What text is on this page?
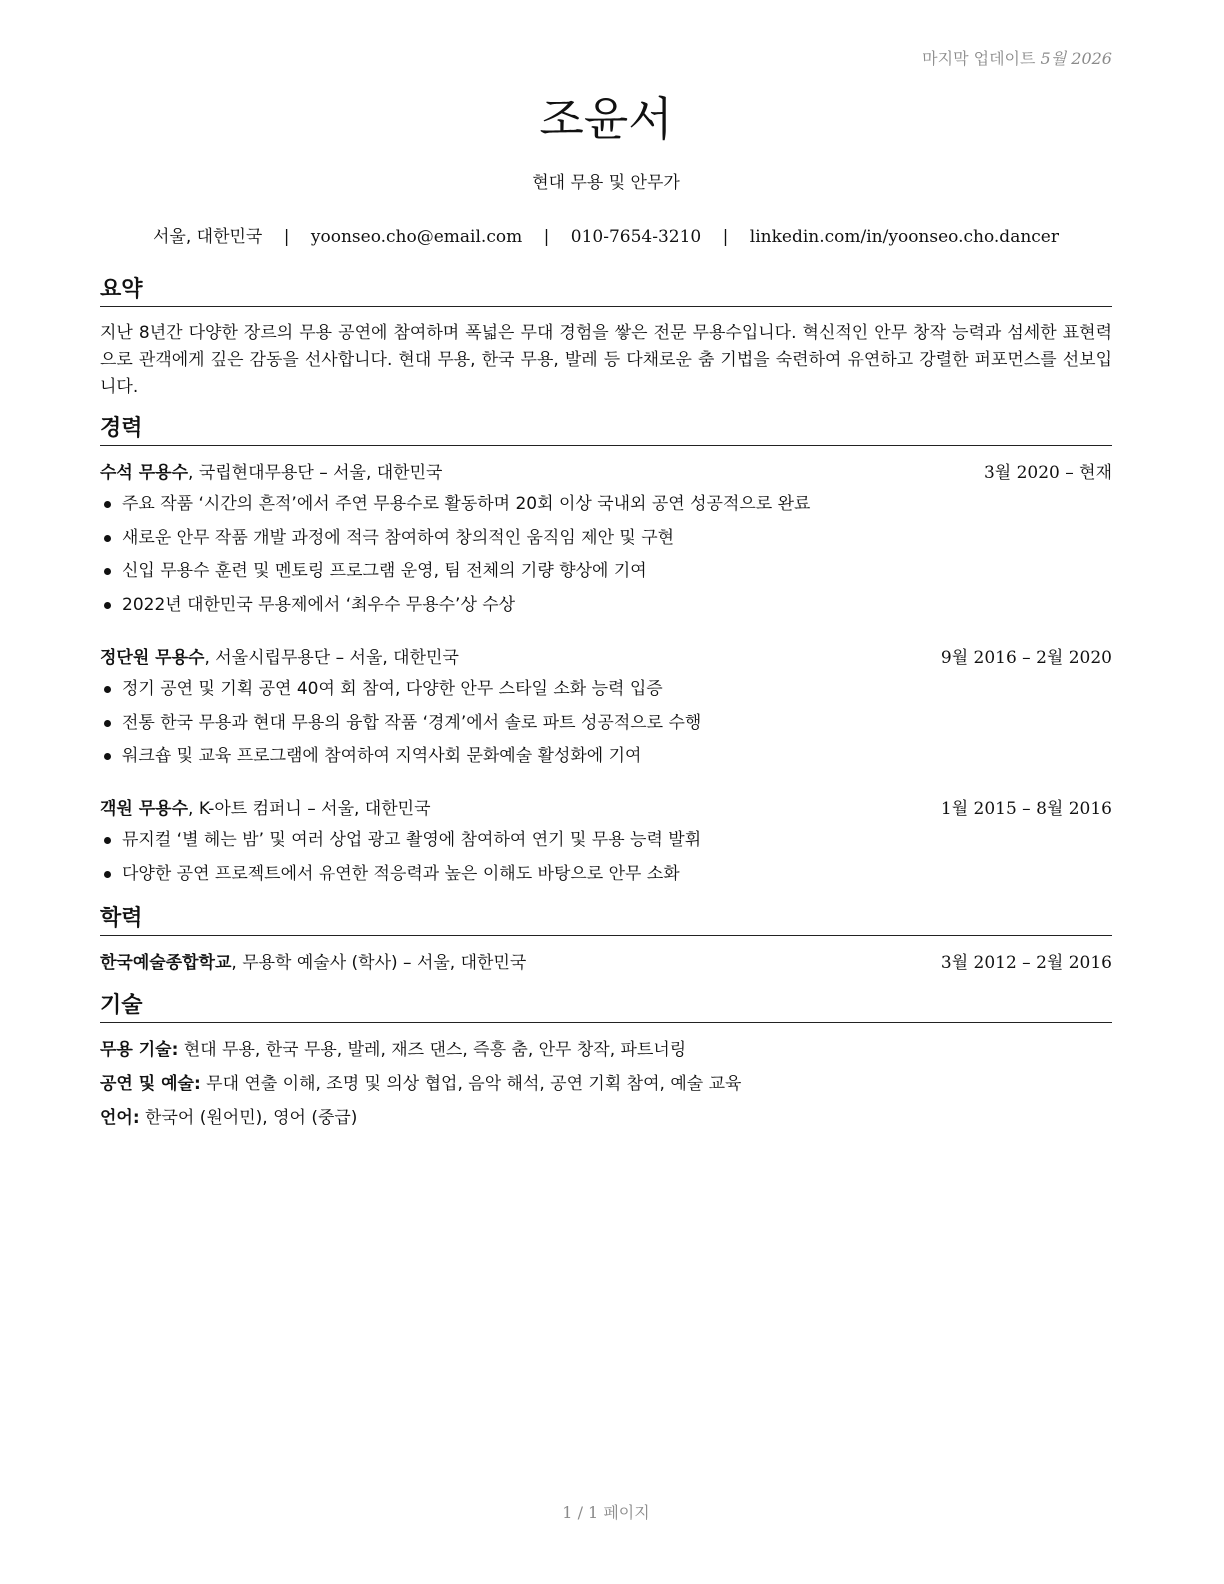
마지막 업데이트 5월 2026
조윤서
현대 무용 및 안무가
서울, 대한민국 | yoonseo.cho@email.com | 010-7654-3210 | linkedin.com/in/yoonseo.cho.dancer
요약

지난 8년간 다양한 장르의 무용 공연에 참여하며 폭넓은 무대 경험을 쌓은 전문 무용수입니다. 혁신적인 안무 창작 능력과 섬세한 표현력으로 관객에게 깊은 감동을 선사합니다. 현대 무용, 한국 무용, 발레 등 다채로운 춤 기법을 숙련하여 유연하고 강렬한 퍼포먼스를 선보입니다.

경력
수석 무용수, 국립현대무용단 – 서울, 대한민국	3월 2020 – 현재
주요 작품 ‘시간의 흔적’에서 주연 무용수로 활동하며 20회 이상 국내외 공연 성공적으로 완료
새로운 안무 작품 개발 과정에 적극 참여하여 창의적인 움직임 제안 및 구현
신입 무용수 훈련 및 멘토링 프로그램 운영, 팀 전체의 기량 향상에 기여
2022년 대한민국 무용제에서 ‘최우수 무용수’상 수상
정단원 무용수, 서울시립무용단 – 서울, 대한민국	9월 2016 – 2월 2020
정기 공연 및 기획 공연 40여 회 참여, 다양한 안무 스타일 소화 능력 입증
전통 한국 무용과 현대 무용의 융합 작품 ‘경계’에서 솔로 파트 성공적으로 수행
워크숍 및 교육 프로그램에 참여하여 지역사회 문화예술 활성화에 기여
객원 무용수, K-아트 컴퍼니 – 서울, 대한민국	1월 2015 – 8월 2016
뮤지컬 ‘별 헤는 밤’ 및 여러 상업 광고 촬영에 참여하여 연기 및 무용 능력 발휘
다양한 공연 프로젝트에서 유연한 적응력과 높은 이해도 바탕으로 안무 소화
학력
한국예술종합학교, 무용학 예술사 (학사) – 서울, 대한민국	3월 2012 – 2월 2016
기술
무용 기술: 현대 무용, 한국 무용, 발레, 재즈 댄스, 즉흥 춤, 안무 창작, 파트너링
공연 및 예술: 무대 연출 이해, 조명 및 의상 협업, 음악 해석, 공연 기획 참여, 예술 교육
언어: 한국어 (원어민), 영어 (중급)
1 / 1 페이지
